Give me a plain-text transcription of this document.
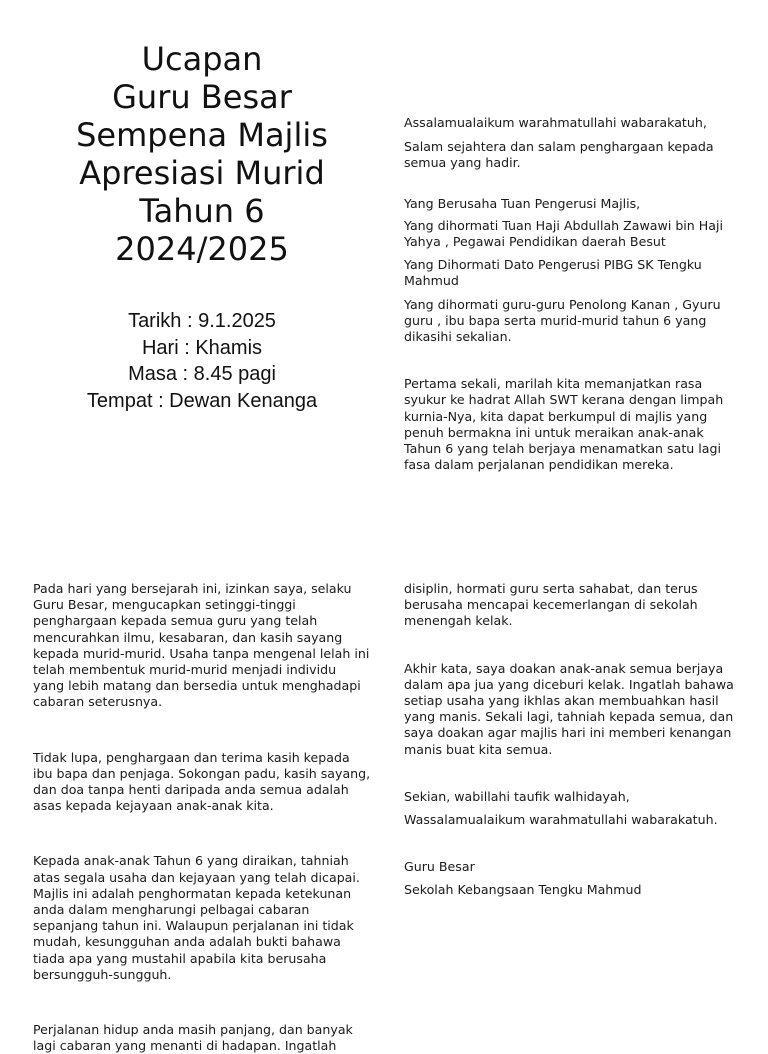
Ucapan
Guru Besar
Sempena Majlis
Apresiasi Murid
Tahun 6
2024/2025
Tarikh : 9.1.2025
Hari : Khamis
Masa : 8.45 pagi
Tempat : Dewan Kenanga

Assalamualaikum warahmatullahi wabarakatuh,

Salam sejahtera dan salam penghargaan kepada semua yang hadir.

Yang Berusaha Tuan Pengerusi Majlis,

Yang dihormati Tuan Haji Abdullah Zawawi bin Haji Yahya , Pegawai Pendidikan daerah Besut

Yang Dihormati Dato Pengerusi PIBG SK Tengku Mahmud

Yang dihormati guru-guru Penolong Kanan , Gyuru guru , ibu bapa serta murid-murid tahun 6 yang dikasihi sekalian.

Pertama sekali, marilah kita memanjatkan rasa syukur ke hadrat Allah SWT kerana dengan limpah kurnia-Nya, kita dapat berkumpul di majlis yang penuh bermakna ini untuk meraikan anak-anak Tahun 6 yang telah berjaya menamatkan satu lagi fasa dalam perjalanan pendidikan mereka.

Pada hari yang bersejarah ini, izinkan saya, selaku Guru Besar, mengucapkan setinggi-tinggi penghargaan kepada semua guru yang telah mencurahkan ilmu, kesabaran, dan kasih sayang kepada murid-murid. Usaha tanpa mengenal lelah ini telah membentuk murid-murid menjadi individu yang lebih matang dan bersedia untuk menghadapi cabaran seterusnya.

Tidak lupa, penghargaan dan terima kasih kepada ibu bapa dan penjaga. Sokongan padu, kasih sayang, dan doa tanpa henti daripada anda semua adalah asas kepada kejayaan anak-anak kita.

Kepada anak-anak Tahun 6 yang diraikan, tahniah atas segala usaha dan kejayaan yang telah dicapai. Majlis ini adalah penghormatan kepada ketekunan anda dalam mengharungi pelbagai cabaran sepanjang tahun ini. Walaupun perjalanan ini tidak mudah, kesungguhan anda adalah bukti bahawa tiada apa yang mustahil apabila kita berusaha bersungguh-sungguh.

Perjalanan hidup anda masih panjang, dan banyak lagi cabaran yang menanti di hadapan. Ingatlah

disiplin, hormati guru serta sahabat, dan terus berusaha mencapai kecemerlangan di sekolah menengah kelak.

Akhir kata, saya doakan anak-anak semua berjaya dalam apa jua yang diceburi kelak. Ingatlah bahawa setiap usaha yang ikhlas akan membuahkan hasil yang manis. Sekali lagi, tahniah kepada semua, dan saya doakan agar majlis hari ini memberi kenangan manis buat kita semua.

Sekian, wabillahi taufik walhidayah,

Wassalamualaikum warahmatullahi wabarakatuh.

Guru Besar

Sekolah Kebangsaan Tengku Mahmud
